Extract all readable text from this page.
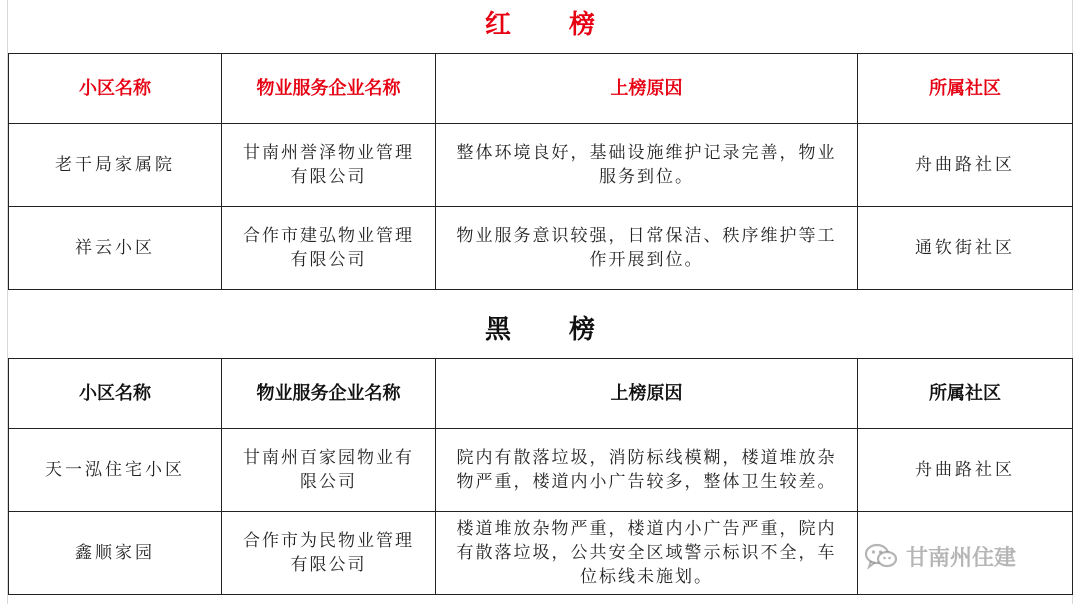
红 榜
小区名称	物业服务企业名称	上榜原因	所属社区
老干局家属院	甘南州誉泽物业管理有限公司	整体环境良好，基础设施维护记录完善，物业服务到位。	舟曲路社区
祥云小区	合作市建弘物业管理有限公司	物业服务意识较强，日常保洁、秩序维护等工作开展到位。	通钦街社区
黑 榜
小区名称	物业服务企业名称	上榜原因	所属社区
天一泓住宅小区	甘南州百家园物业有限公司	院内有散落垃圾，消防标线模糊，楼道堆放杂物严重，楼道内小广告较多，整体卫生较差。	舟曲路社区
鑫顺家园	合作市为民物业管理有限公司	楼道堆放杂物严重，楼道内小广告严重，院内有散落垃圾，公共安全区域警示标识不全，车位标线未施划。	
甘南州住建
